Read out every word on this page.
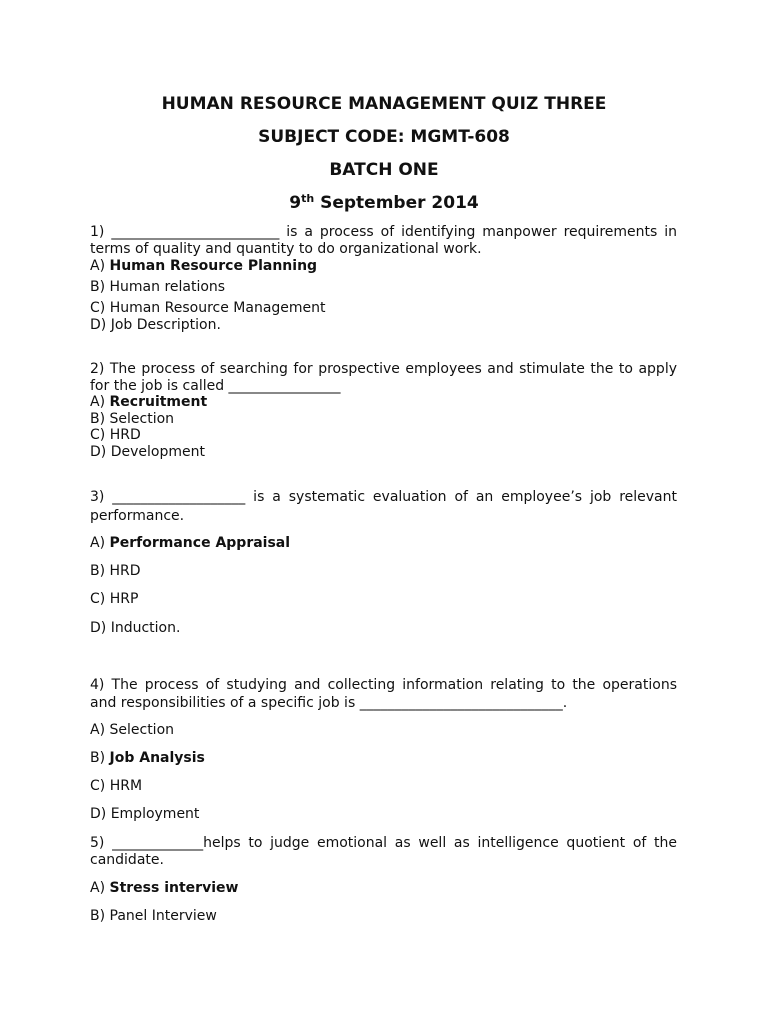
HUMAN RESOURCE MANAGEMENT QUIZ THREE
SUBJECT CODE: MGMT-608
BATCH ONE
9th September 2014
1) ________________________ is a process of identifying manpower requirements in terms of quality and quantity to do organizational work.
A) Human Resource Planning
B) Human relations
C) Human Resource Management
D) Job Description.
2) The process of searching for prospective employees and stimulate the to apply for the job is called ________________
A) Recruitment
B) Selection
C) HRD
D) Development
3) ___________________ is a systematic evaluation of an employee’s job relevant performance.
A) Performance Appraisal
B) HRD
C) HRP
D) Induction.
4) The process of studying and collecting information relating to the operations and responsibilities of a specific job is _____________________________.
A) Selection
B) Job Analysis
C) HRM
D) Employment
5) _____________helps to judge emotional as well as intelligence quotient of the candidate.
A) Stress interview
B) Panel Interview
